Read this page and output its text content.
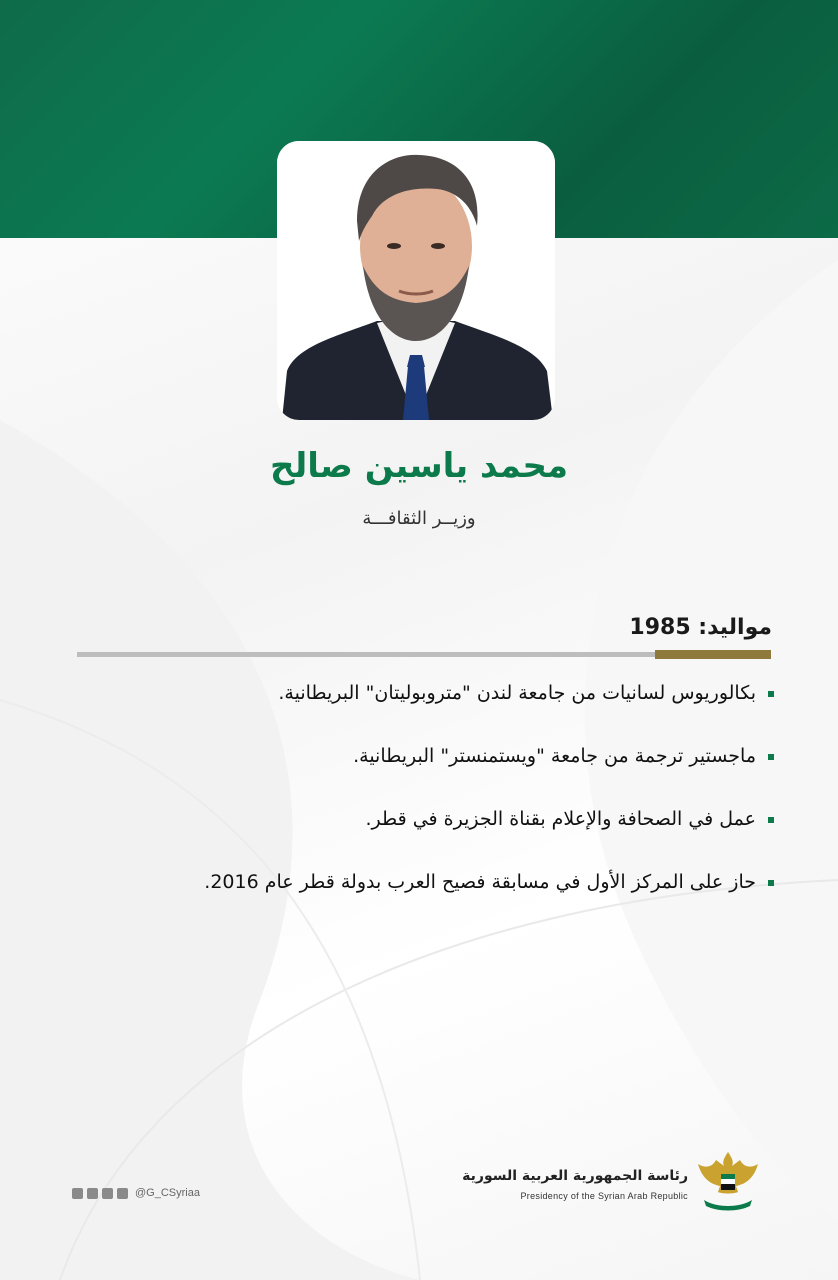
محمد ياسين صالح

وزيــر الثقافـــة

مواليد: 1985
بكالوريوس لسانيات من جامعة لندن "متروبوليتان" البريطانية.
ماجستير ترجمة من جامعة "ويستمنستر" البريطانية.
عمل في الصحافة والإعلام بقناة الجزيرة في قطر.
حاز على المركز الأول في مسابقة فصيح العرب بدولة قطر عام 2016.
@G_CSyriaa
رئاسة الجمهورية العربية السورية
Presidency of the Syrian Arab Republic
